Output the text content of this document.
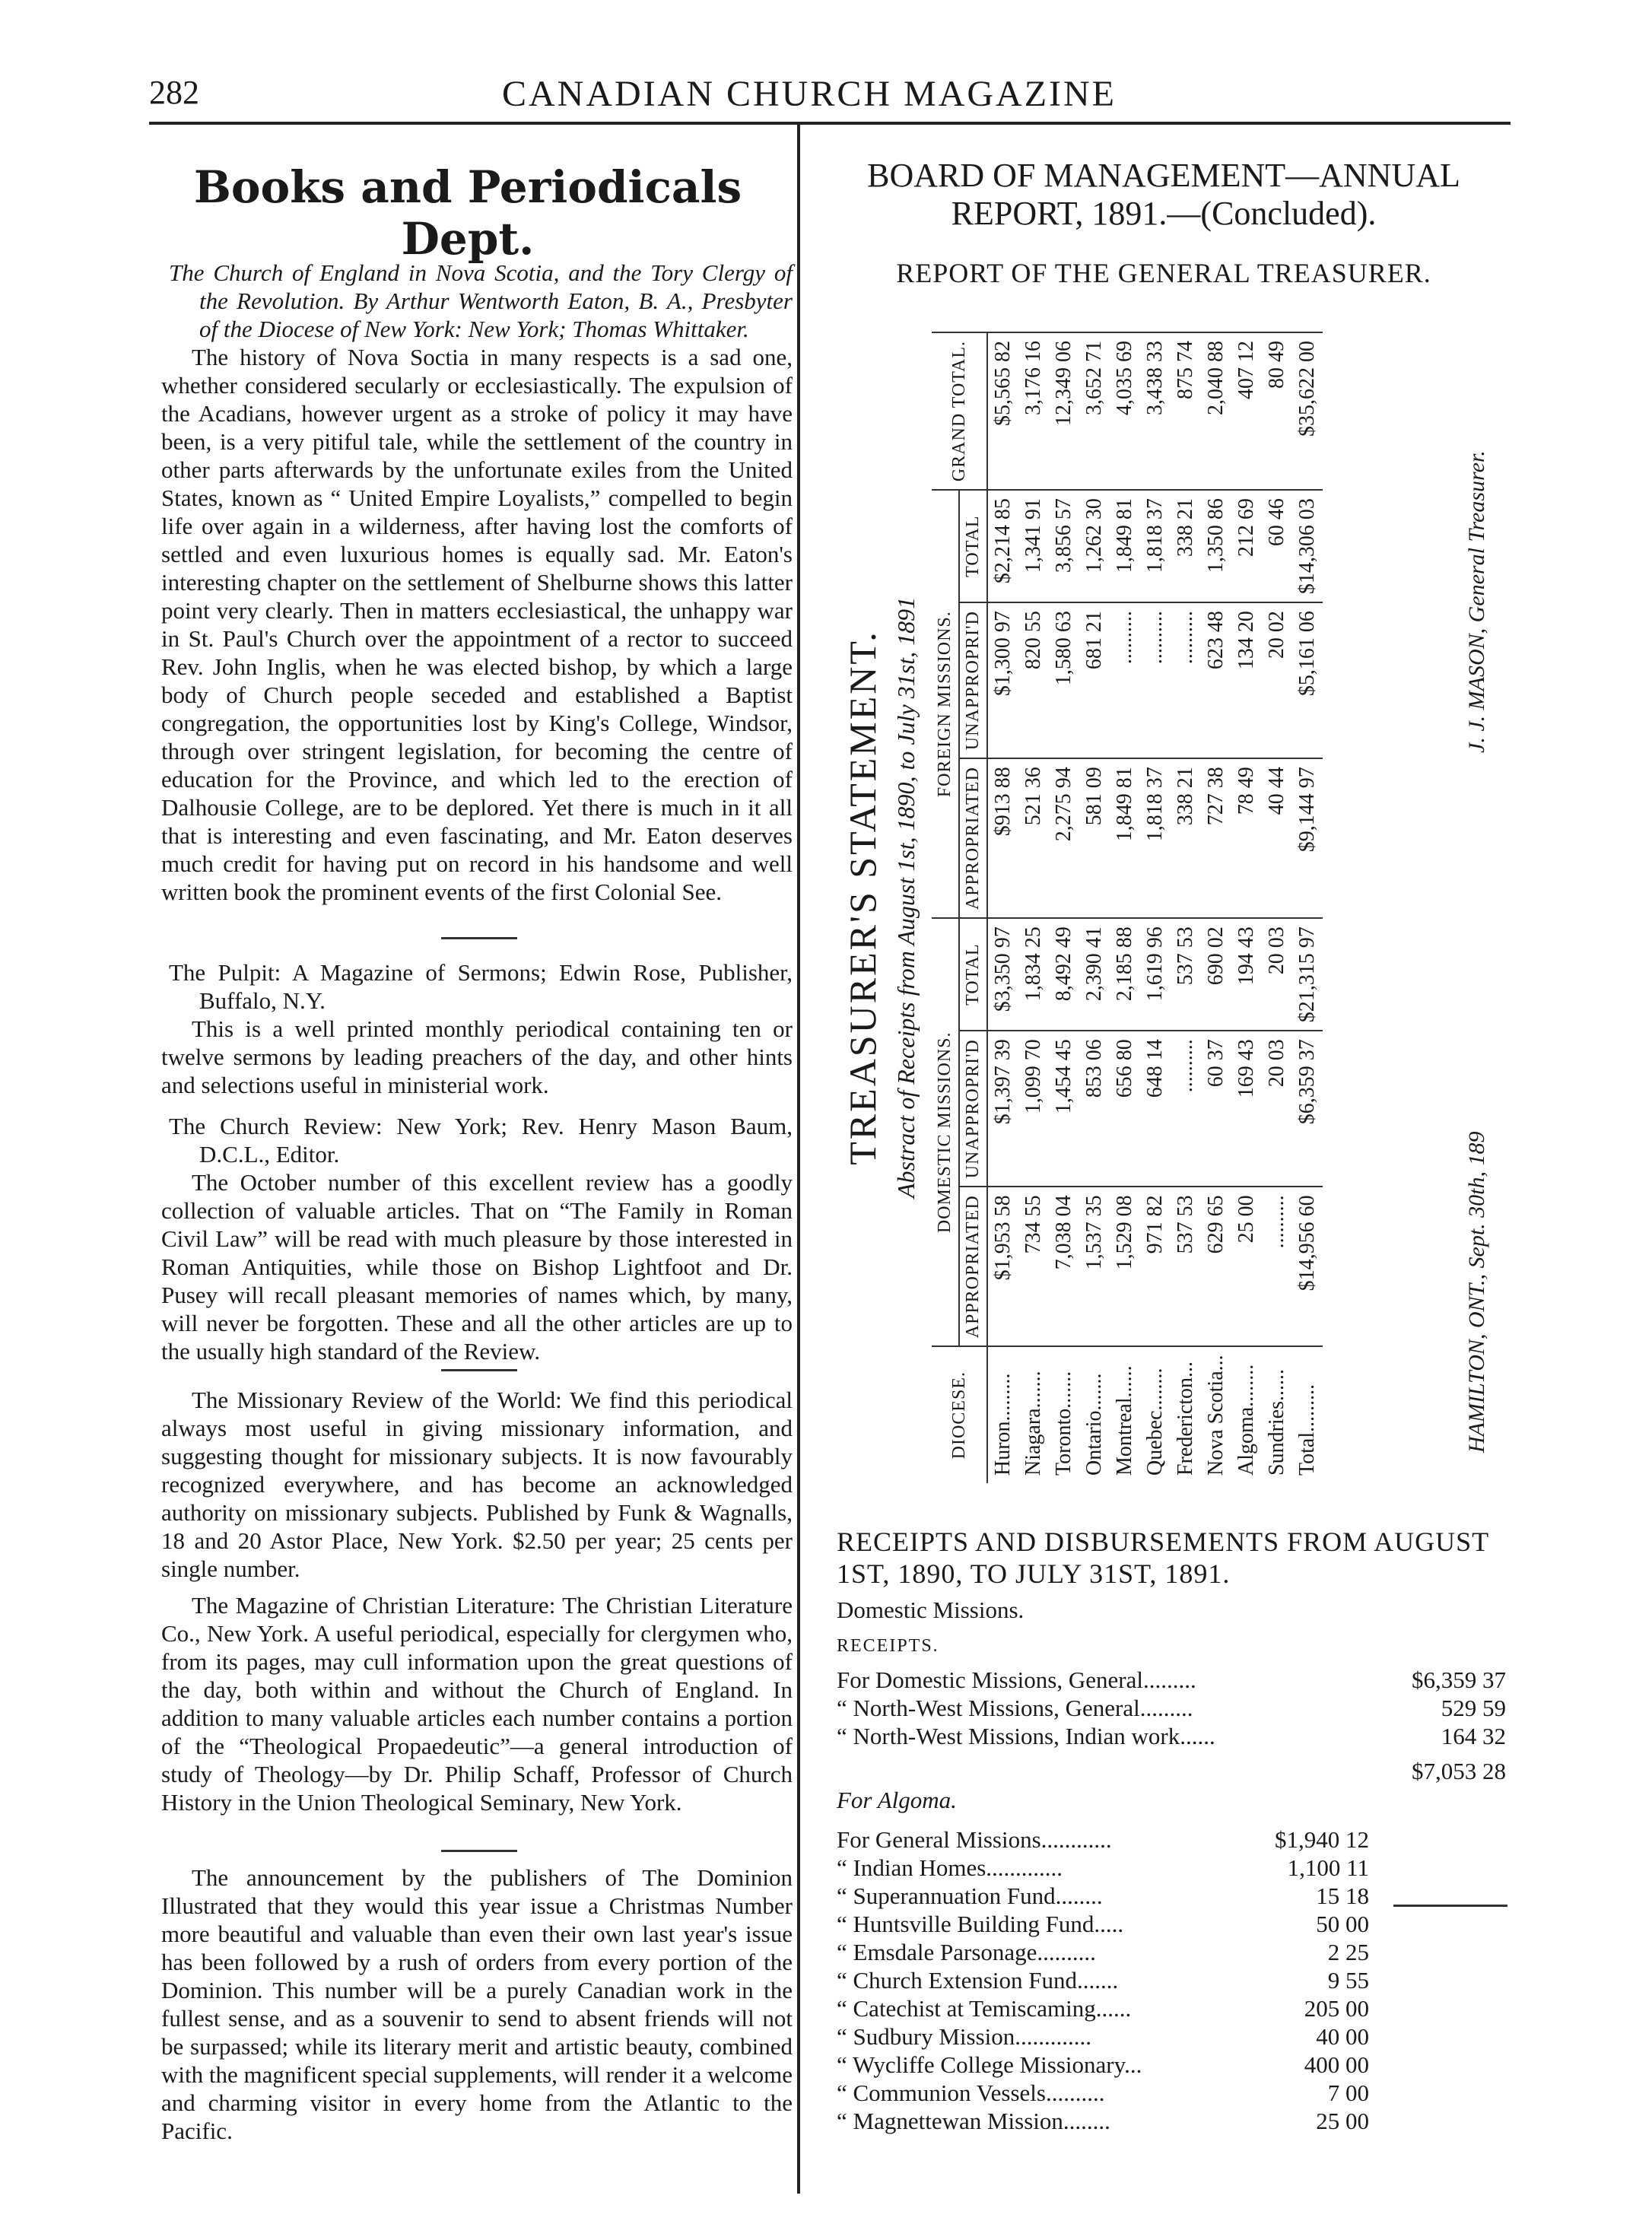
282	CANADIAN CHURCH MAGAZINE
Books and Periodicals Dept.

The Church of England in Nova Scotia, and the Tory Clergy of the Revolution. By Arthur Wentworth Eaton, B. A., Presbyter of the Diocese of New York: New York; Thomas Whittaker.

The history of Nova Soctia in many respects is a sad one, whether considered secularly or ecclesiastically. The expulsion of the Acadians, however urgent as a stroke of policy it may have been, is a very pitiful tale, while the settlement of the country in other parts afterwards by the unfortunate exiles from the United States, known as “ United Empire Loyalists,” compelled to begin life over again in a wilderness, after having lost the comforts of settled and even luxurious homes is equally sad. Mr. Eaton's interesting chapter on the settlement of Shelburne shows this latter point very clearly. Then in matters ecclesiastical, the unhappy war in St. Paul's Church over the appointment of a rector to succeed Rev. John Inglis, when he was elected bishop, by which a large body of Church people seceded and established a Baptist congregation, the opportunities lost by King's College, Windsor, through over stringent legislation, for becoming the centre of education for the Province, and which led to the erection of Dalhousie College, are to be deplored. Yet there is much in it all that is interesting and even fascinating, and Mr. Eaton deserves much credit for having put on record in his handsome and well written book the prominent events of the first Colonial See.

The Pulpit: A Magazine of Sermons; Edwin Rose, Publisher, Buffalo, N.Y.

This is a well printed monthly periodical containing ten or twelve sermons by leading preachers of the day, and other hints and selections useful in ministerial work.

The Church Review: New York; Rev. Henry Mason Baum, D.C.L., Editor.

The October number of this excellent review has a goodly collection of valuable articles. That on “The Family in Roman Civil Law” will be read with much pleasure by those interested in Roman Antiquities, while those on Bishop Lightfoot and Dr. Pusey will recall pleasant memories of names which, by many, will never be forgotten. These and all the other articles are up to the usually high standard of the Review.

The Missionary Review of the World: We find this periodical always most useful in giving missionary information, and suggesting thought for missionary subjects. It is now favourably recognized everywhere, and has become an acknowledged authority on missionary subjects. Published by Funk & Wagnalls, 18 and 20 Astor Place, New York. $2.50 per year; 25 cents per single number.

The Magazine of Christian Literature: The Christian Literature Co., New York. A useful periodical, especially for clergymen who, from its pages, may cull information upon the great questions of the day, both within and without the Church of England. In addition to many valuable articles each number contains a portion of the “Theological Propaedeutic”—a general introduction of study of Theology—by Dr. Philip Schaff, Professor of Church History in the Union Theological Seminary, New York.

The announcement by the publishers of The Dominion Illustrated that they would this year issue a Christmas Number more beautiful and valuable than even their own last year's issue has been followed by a rush of orders from every portion of the Dominion. This number will be a purely Canadian work in the fullest sense, and as a souvenir to send to absent friends will not be surpassed; while its literary merit and artistic beauty, combined with the magnificent special supplements, will render it a welcome and charming visitor in every home from the Atlantic to the Pacific.

BOARD OF MANAGEMENT—ANNUAL REPORT, 1891.—(Concluded).
REPORT OF THE GENERAL TREASURER.
TREASURER'S STATEMENT. Abstract of Receipts from August 1st, 1890, to July 31st, 1891
DIOCESE.	DOMESTIC MISSIONS.			FOREIGN MISSIONS.			GRAND TOTAL.
	APPROPRIATED	UNAPPROPRI'D	TOTAL	APPROPRIATED	UNAPPROPRI'D	TOTAL	
Huron.........	$1,953 58	$1,397 39	$3,350 97	$913 88	$1,300 97	$2,214 85	$5,565 82
Niagara.......	734 55	1,099 70	1,834 25	521 36	820 55	1,341 91	3,176 16
Toronto.......	7,038 04	1,454 45	8,492 49	2,275 94	1,580 63	3,856 57	12,349 06
Ontario.......	1,537 35	853 06	2,390 41	581 09	681 21	1,262 30	3,652 71
Montreal......	1,529 08	656 80	2,185 88	1,849 81	..........	1,849 81	4,035 69
Quebec........	971 82	648 14	1,619 96	1,818 37	..........	1,818 37	3,438 33
Fredericton...	537 53	..........	537 53	338 21	..........	338 21	875 74
Nova Scotia...	629 65	60 37	690 02	727 38	623 48	1,350 86	2,040 88
Algoma........	25 00	169 43	194 43	78 49	134 20	212 69	407 12
Sundries......	..........	20 03	20 03	40 44	20 02	60 46	80 49
Total.........	$14,956 60	$6,359 37	$21,315 97	$9,144 97	$5,161 06	$14,306 03	$35,622 00
HAMILTON, ONT., Sept. 30th, 189
J. J. MASON, General Treasurer.
RECEIPTS AND DISBURSEMENTS FROM AUGUST 1ST, 1890, TO JULY 31ST, 1891.
Domestic Missions.
RECEIPTS.
For Domestic Missions, General.........	$6,359 37
“ North-West Missions, General.........	529 59
“ North-West Missions, Indian work......	164 32
$7,053 28
For Algoma.
For General Missions............	$1,940 12
“ Indian Homes.............	1,100 11
“ Superannuation Fund........	15 18
“ Huntsville Building Fund.....	50 00
“ Emsdale Parsonage..........	2 25
“ Church Extension Fund.......	9 55
“ Catechist at Temiscaming......	205 00
“ Sudbury Mission.............	40 00
“ Wycliffe College Missionary...	400 00
“ Communion Vessels..........	7 00
“ Magnettewan Mission........	25 00
